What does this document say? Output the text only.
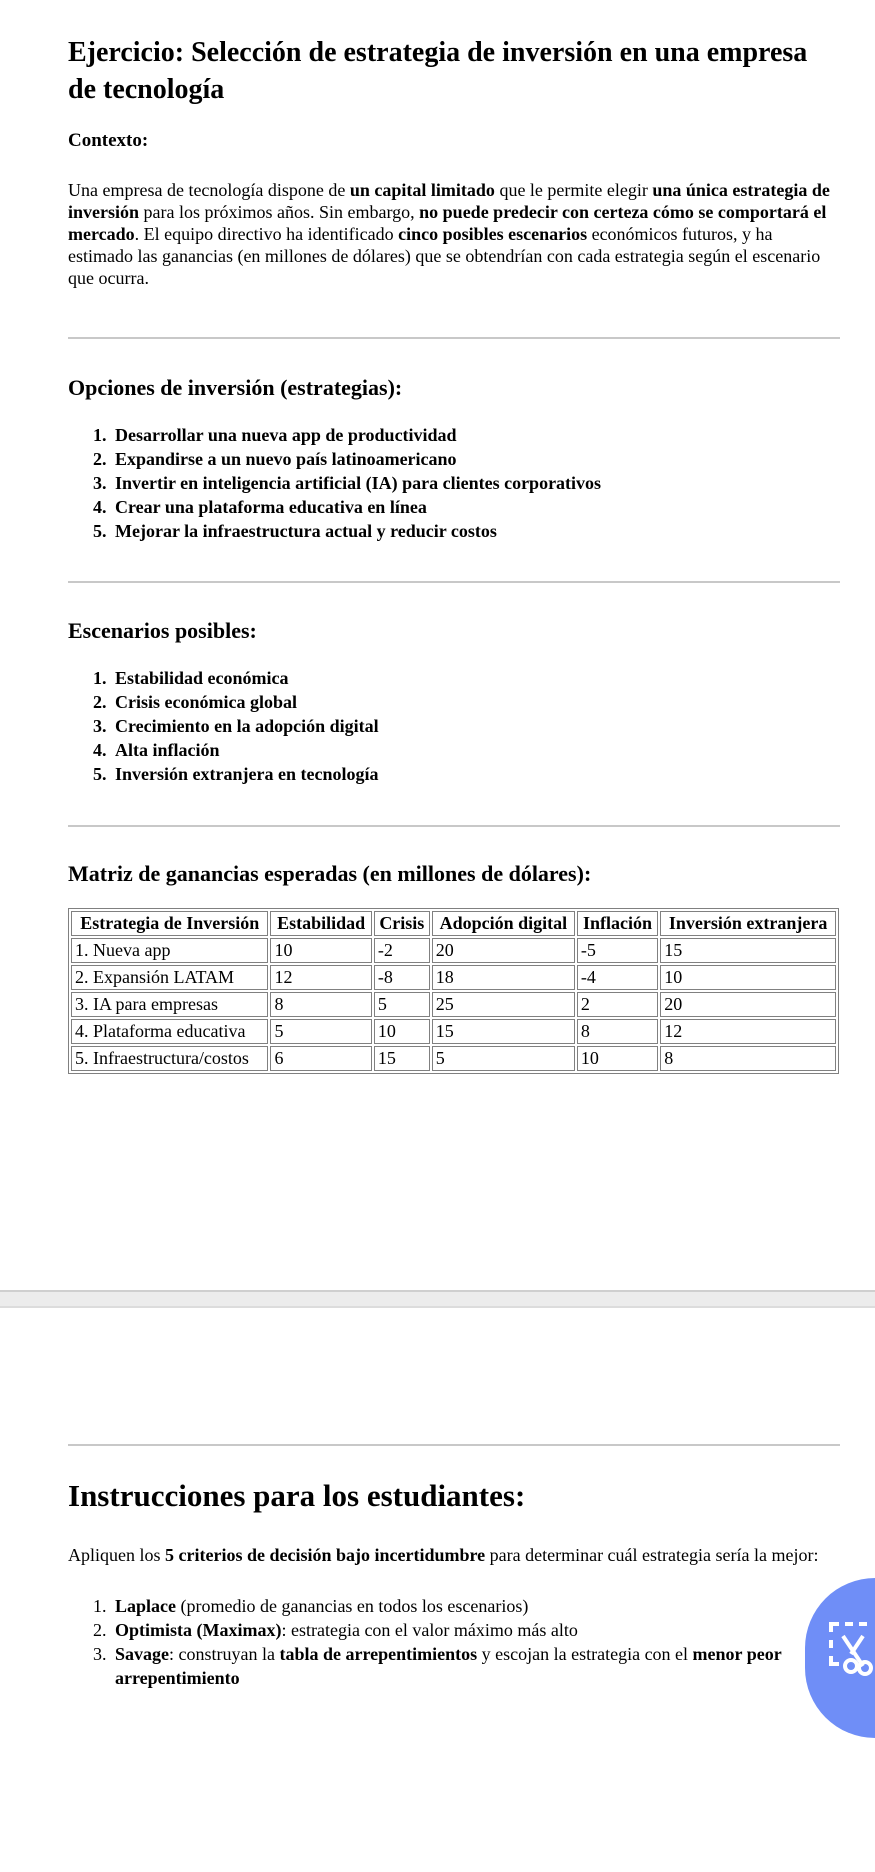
Ejercicio: Selección de estrategia de inversión en una empresa de tecnología
Contexto:

Una empresa de tecnología dispone de un capital limitado que le permite elegir una única estrategia de inversión para los próximos años. Sin embargo, no puede predecir con certeza cómo se comportará el mercado. El equipo directivo ha identificado cinco posibles escenarios económicos futuros, y ha estimado las ganancias (en millones de dólares) que se obtendrían con cada estrategia según el escenario que ocurra.

Opciones de inversión (estrategias):
1. Desarrollar una nueva app de productividad
2. Expandirse a un nuevo país latinoamericano
3. Invertir en inteligencia artificial (IA) para clientes corporativos
4. Crear una plataforma educativa en línea
5. Mejorar la infraestructura actual y reducir costos
Escenarios posibles:
1. Estabilidad económica
2. Crisis económica global
3. Crecimiento en la adopción digital
4. Alta inflación
5. Inversión extranjera en tecnología
Matriz de ganancias esperadas (en millones de dólares):
Estrategia de Inversión	Estabilidad	Crisis	Adopción digital	Inflación	Inversión extranjera
1. Nueva app	10	-2	20	-5	15
2. Expansión LATAM	12	-8	18	-4	10
3. IA para empresas	8	5	25	2	20
4. Plataforma educativa	5	10	15	8	12
5. Infraestructura/costos	6	15	5	10	8
Instrucciones para los estudiantes:

Apliquen los 5 criterios de decisión bajo incertidumbre para determinar cuál estrategia sería la mejor:

1. Laplace (promedio de ganancias en todos los escenarios)
2. Optimista (Maximax): estrategia con el valor máximo más alto
3. Savage: construyan la tabla de arrepentimientos y escojan la estrategia con el menor peor arrepentimiento
